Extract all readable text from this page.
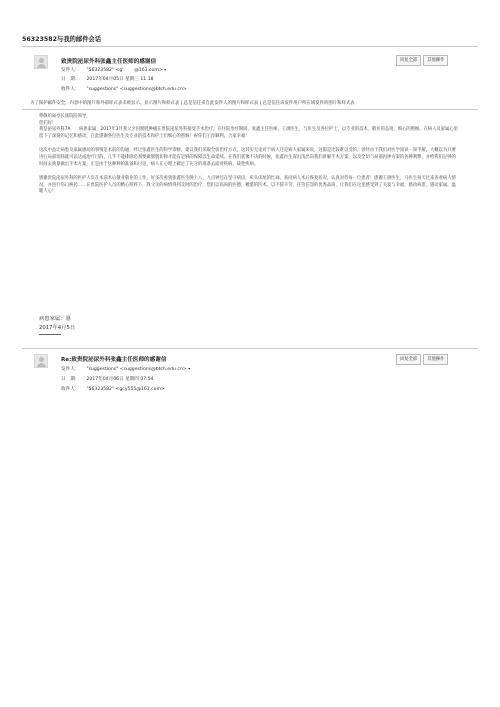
56323582与我的邮件会话
致贵院泌尿外科张鑫主任医师的感谢信
发件人： "56323582" <g'.　　@163.com> ▾
日　期： 2017年04月05日 星期三 11:18
收件人： "suggestions" <suggestions@btch.edu.cn>
回复全部	其他操作
为了保护邮件安全，内容中的图片和外部样式表未被显示。显示图片和样式表 | 总是信任来自此发件人的图片和样式表 | 总是信任该发件用户所在域发件的图片和样式表

尊敬的离亭长康院院领导，

您们好！

我是泌尿外科7A　　病患家属，2017年3月我父亲因膀胱肿瘤在贵院泌尿外科接受手术治疗。在住院治疗期间，张鑫主任医师，王澍医生，与医生及各位护士，以专业的技术、敬业的态度、细心的照顾，在病人及家属心里留下了深刻的记忆和感动，在此感谢各位医生及专业的技术和护士们细心的照顾！祝你们工作顺利，合家幸福！

这次中益让病患及家属感动的事情是术前的沟通，经过张鑫医生的科学诊断，建议我们采取全切治疗方式，这其实无论对于病人还是病人家属来说，这都是比较难以受的，曾经由于我们对医学知识一知半解，大概以为只要进行局部切除就可以达成治疗目的，几乎不能排除必须要做膀胱切除才能有足够的保障以生命延续。在我们犹豫不决的时候，张鑫医生深出浅出向我们讲解手术方案，以及全切与局部再钟方案的各种利弊，并给我们足够的时间去商量做出手术方案，正是由于这种种的准备和讨论，病人在心理上做足了充分的准备去面对疾病，战胜疾病。

感谢贵院泌尿外科的医护人员在术前术后敬业敬业的工作，好多次看到张鑫医生晚上八、九点钟还在坚守病房，床头床尾的忙碌，查问病人术后恢复状况，认真对待每一位患者！感谢王澍医生，马医生每天过来查看病人情况，并进行伤口换药……在贵院医护人员的精心照料下，我父亲的病情得到及时的治疗，您们以高尚的医德，精湛的医术，以不辞辛劳，任劳任怨的优秀品质，让我们在这里感受到了关爱与幸福，感动病患，感动家属，温暖人心！

病患家属：骆
2017年4月5日
Re:致贵院泌尿外科张鑫主任医师的感谢信
发件人： "suggestions" <suggestions@btch.edu.cn> ▾
日　期： 2017年04月06日 星期四 07:54
收件人： "56323582" <gcy555@163.com>
回复全部	其他操作
